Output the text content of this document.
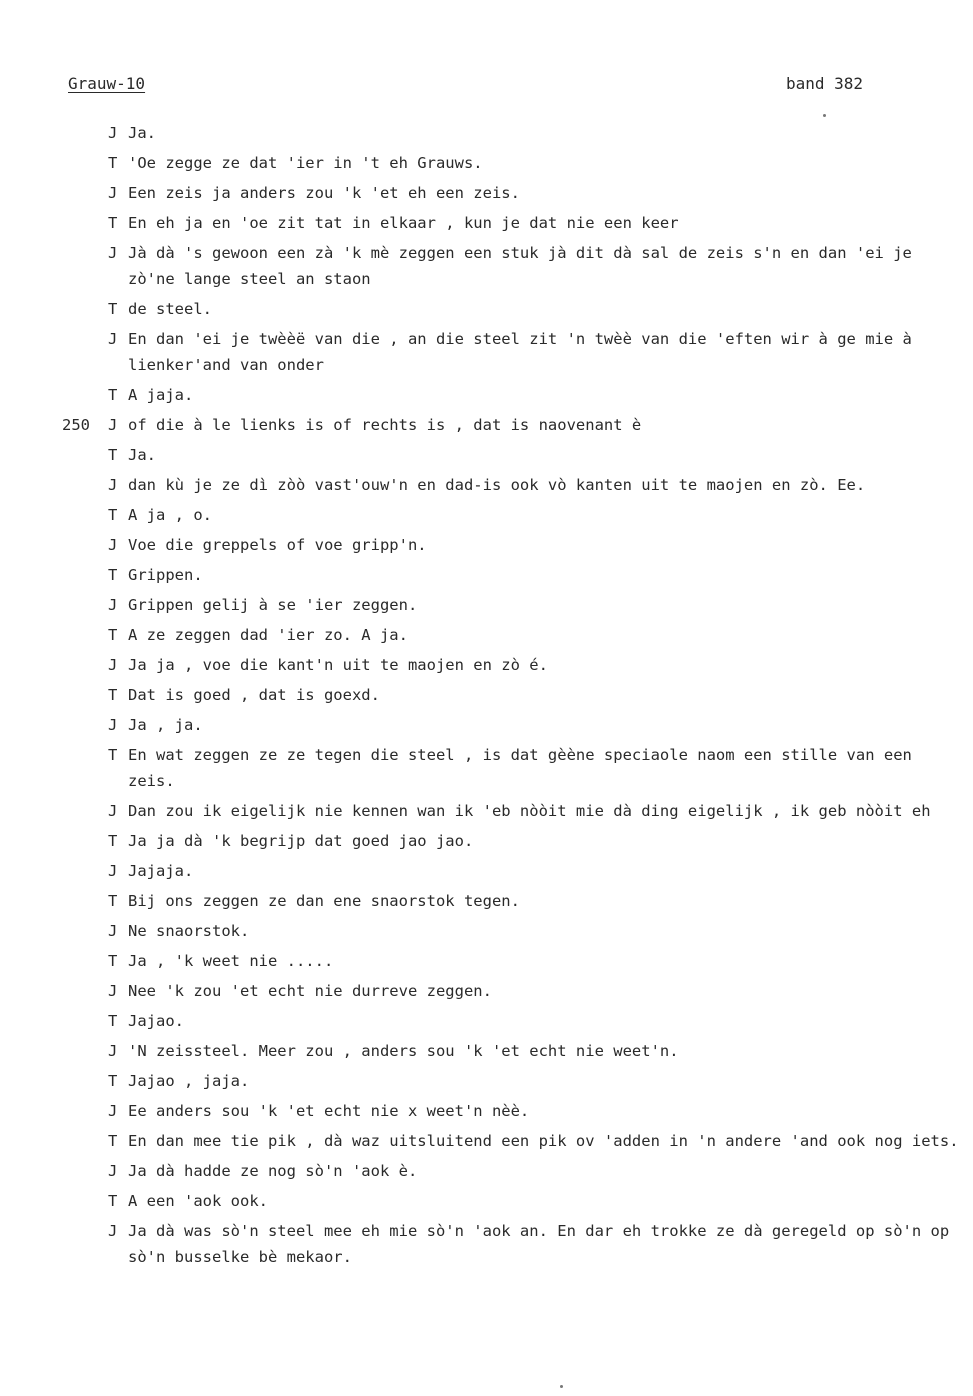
Grauw-10	band 382
J Ja.
T 'Oe zegge ze dat 'ier in 't eh Grauws.
J Een zeis ja anders zou 'k 'et eh een zeis.
T En eh ja en 'oe zit tat in elkaar , kun je dat nie een keer
J Jà dà 's gewoon een zà 'k mè zeggen een stuk jà dit dà sal de zeis s'n en dan 'ei je zò'ne lange steel an staon
T de steel.
J En dan 'ei je twèèë van die , an die steel zit 'n twèè van die 'eften wir à ge mie à lienker'and van onder
T A jaja.
250	J of die à le lienks is of rechts is , dat is naovenant è
T Ja.
J dan kù je ze dì zòò vast'ouw'n en dad-is ook vò kanten uit te maojen en zò. Ee.
T A ja , o.
J Voe die greppels of voe gripp'n.
T Grippen.
J Grippen gelij à se 'ier zeggen.
T A ze zeggen dad 'ier zo. A ja.
J Ja ja , voe die kant'n uit te maojen en zò é.
T Dat is goed , dat is goexd.
J Ja , ja.
T En wat zeggen ze ze tegen die steel , is dat gèène speciaole naom een stille van een zeis.
J Dan zou ik eigelijk nie kennen wan ik 'eb nòòit mie dà ding eigelijk , ik geb nòòit eh
T Ja ja dà 'k begrijp dat goed jao jao.
J Jajaja.
T Bij ons zeggen ze dan ene snaorstok tegen.
J Ne snaorstok.
T Ja , 'k weet nie .....
J Nee 'k zou 'et echt nie durreve zeggen.
T Jajao.
J 'N zeissteel. Meer zou , anders sou 'k 'et echt nie weet'n.
T Jajao , jaja.
J Ee anders sou 'k 'et echt nie x weet'n nèè.
T En dan mee tie pik , dà waz uitsluitend een pik ov 'adden in 'n andere 'and ook nog iets.
J Ja dà hadde ze nog sò'n 'aok è.
T A een 'aok ook.
J Ja dà was sò'n steel mee eh mie sò'n 'aok an. En dar eh trokke ze dà geregeld op sò'n op sò'n busselke bè mekaor.
